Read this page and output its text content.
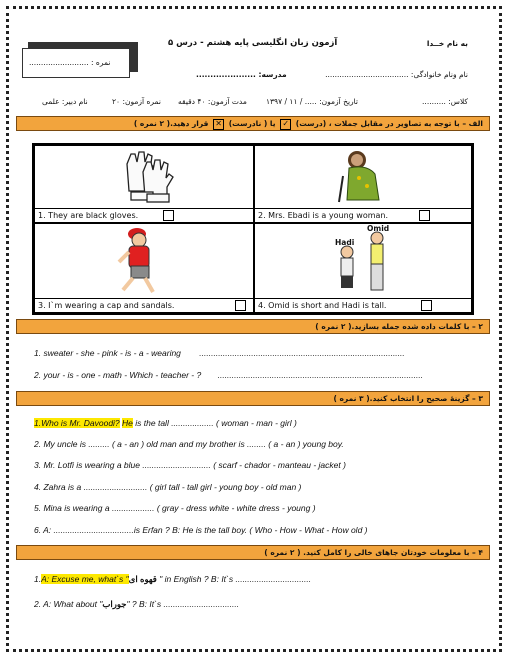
به نام خــدا
آزمون زبان انگلیسی پایه هشتم - درس ۵
نام ونام خانوادگی: ...................................
مدرسه: .....................
نمره : .........................
کلاس: ..........
تاریخ آزمون: ..... / ۱۱ / ۱۳۹۷
مدت آزمون: ۴۰ دقیقه
نمره آزمون: ۲۰
نام دبیر: علمی
الف – با توجه به تصاویر در مقابل جملات ، (درست) ✓ یا ( نادرست) ✕ قرار دهید.( ۲ نمره )
1. They are black gloves.	2. Mrs. Ebadi is a young woman.
3. I`m wearing a cap and sandals.
Hadi
Omid
4. Omid is short and Hadi is tall.
۲ – با کلمات داده شده جمله بسازید.( ۲ نمره )
1. sweater - she - pink - is - a - wearing .......................................................................................
2. your - is - one - math - Which - teacher - ? .......................................................................................
۳ – گزینهٔ صحیح را انتخاب کنید.( ۳ نمره )
1.Who is Mr. Davoodi? He is the tall .................. ( woman - man - girl )
2. My uncle is ......... ( a - an ) old man and my brother is ........ ( a - an ) young boy.
3. Mr. Lotfi is wearing a blue ............................. ( scarf - chador - manteau - jacket )
4. Zahra is a ........................... ( girl tall - tall girl - young boy - old man )
5. Mina is wearing a .................. ( gray - dress white - white dress - young )
6. A: ..................................is Erfan ? B: He is the tall boy. ( Who - How - What - How old )
۴ – با معلومات خودتان جاهای خالی را کامل کنید. ( ۲ نمره )
1.A: Excuse me, what`s "قهوه ای " in English ? B: It`s ................................
2. A: What about "جوراب" ? B: It`s ................................
